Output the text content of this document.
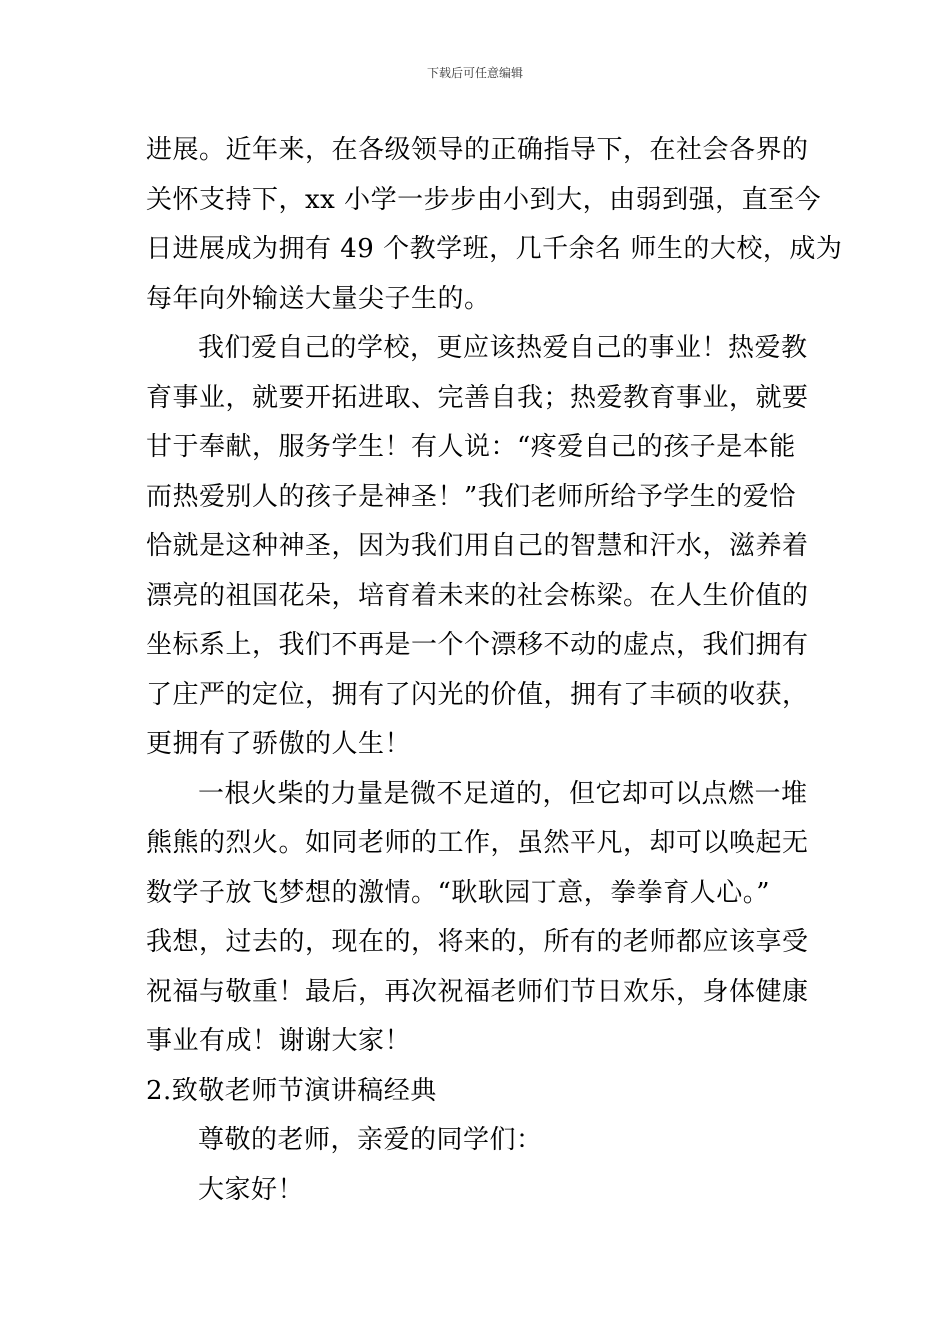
下载后可任意编辑
进展。近年来，在各级领导的正确指导下，在社会各界的
关怀支持下，xx 小学一步步由小到大，由弱到强，直至今
日进展成为拥有 49 个教学班，几千余名 师生的大校，成为
每年向外输送大量尖子生的。
我们爱自己的学校，更应该热爱自己的事业！热爱教
育事业，就要开拓进取、完善自我；热爱教育事业，就要
甘于奉献，服务学生！有人说：“疼爱自己的孩子是本能
而热爱别人的孩子是神圣！”我们老师所给予学生的爱恰
恰就是这种神圣，因为我们用自己的智慧和汗水，滋养着
漂亮的祖国花朵，培育着未来的社会栋梁。在人生价值的
坐标系上，我们不再是一个个漂移不动的虚点，我们拥有
了庄严的定位，拥有了闪光的价值，拥有了丰硕的收获，
更拥有了骄傲的人生！
一根火柴的力量是微不足道的，但它却可以点燃一堆
熊熊的烈火。如同老师的工作，虽然平凡，却可以唤起无
数学子放飞梦想的激情。“耿耿园丁意，拳拳育人心。”
我想，过去的，现在的，将来的，所有的老师都应该享受
祝福与敬重！最后，再次祝福老师们节日欢乐，身体健康
事业有成！谢谢大家！
2.致敬老师节演讲稿经典
尊敬的老师，亲爱的同学们：
大家好！
